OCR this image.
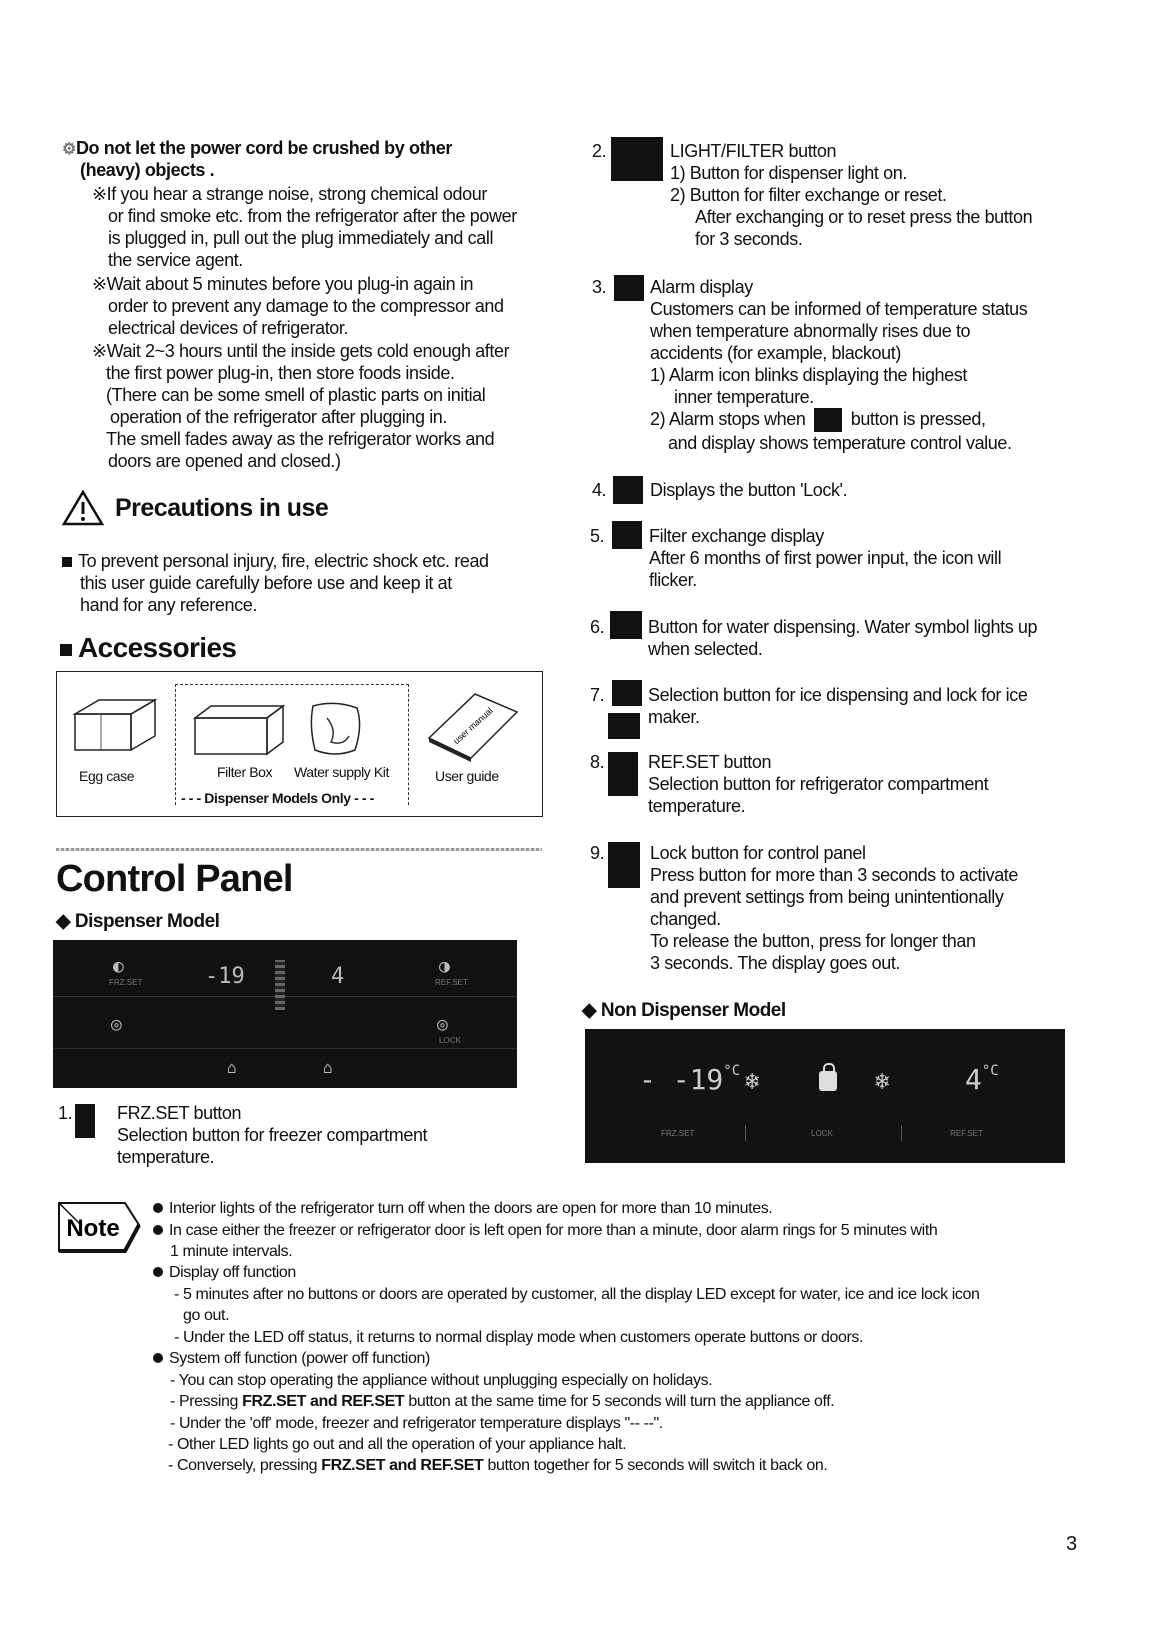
⚙Do not let the power cord be crushed by other
(heavy) objects .
※If you hear a strange noise, strong chemical odour
or find smoke etc. from the refrigerator after the power
is plugged in, pull out the plug immediately and call
the service agent.
※Wait about 5 minutes before you plug-in again in
order to prevent any damage to the compressor and
electrical devices of refrigerator.
※Wait 2~3 hours until the inside gets cold enough after
the first power plug-in, then store foods inside.
(There can be some smell of plastic parts on initial
operation of the refrigerator after plugging in.
The smell fades away as the refrigerator works and
doors are opened and closed.)
Precautions in use
To prevent personal injury, fire, electric shock etc. read
this user guide carefully before use and keep it at
hand for any reference.
Accessories
Egg case	Filter Box Water supply Kit
- - - Dispenser Models Only - - -
user manual
User guide
Control Panel
◆ Dispenser Model
◐
FRZ.SET	-19	4	◑
REF.SET
◎	◎
LOCK
⌂	⌂
1. FRZ.SET button
Selection button for freezer compartment
temperature.
2.	LIGHT/FILTER button
1) Button for dispenser light on.
2) Button for filter exchange or reset.
After exchanging or to reset press the button
for 3 seconds.
3. Alarm display
Customers can be informed of temperature status
when temperature abnormally rises due to
accidents (for example, blackout)
1) Alarm icon blinks displaying the highest
inner temperature.
2) Alarm stops when	button is pressed,
and display shows temperature control value.
4. Displays the button 'Lock'.
5. Filter exchange display
After 6 months of first power input, the icon will
flicker.
6. Button for water dispensing. Water symbol lights up
when selected.
7. Selection button for ice dispensing and lock for ice
maker.
8. REF.SET button
Selection button for refrigerator compartment
temperature.
9.	Lock button for control panel
Press button for more than 3 seconds to activate
and prevent settings from being unintentionally
changed.
To release the button, press for longer than
3 seconds. The display goes out.
◆ Non Dispenser Model
- $-19^{^\circ C}$ ❄	❄	$4^{^\circ C}$
FRZ.SET	LOCK	REF.SET
Note
Interior lights of the refrigerator turn off when the doors are open for more than 10 minutes.
In case either the freezer or refrigerator door is left open for more than a minute, door alarm rings for 5 minutes with
1 minute intervals.
Display off function
- 5 minutes after no buttons or doors are operated by customer, all the display LED except for water, ice and ice lock icon
go out.
- Under the LED off status, it returns to normal display mode when customers operate buttons or doors.
System off function (power off function)
- You can stop operating the appliance without unplugging especially on holidays.
- Pressing FRZ.SET and REF.SET button at the same time for 5 seconds will turn the appliance off.
- Under the 'off' mode, freezer and refrigerator temperature displays "-- --".
- Other LED lights go out and all the operation of your appliance halt.
- Conversely, pressing FRZ.SET and REF.SET button together for 5 seconds will switch it back on.
3
